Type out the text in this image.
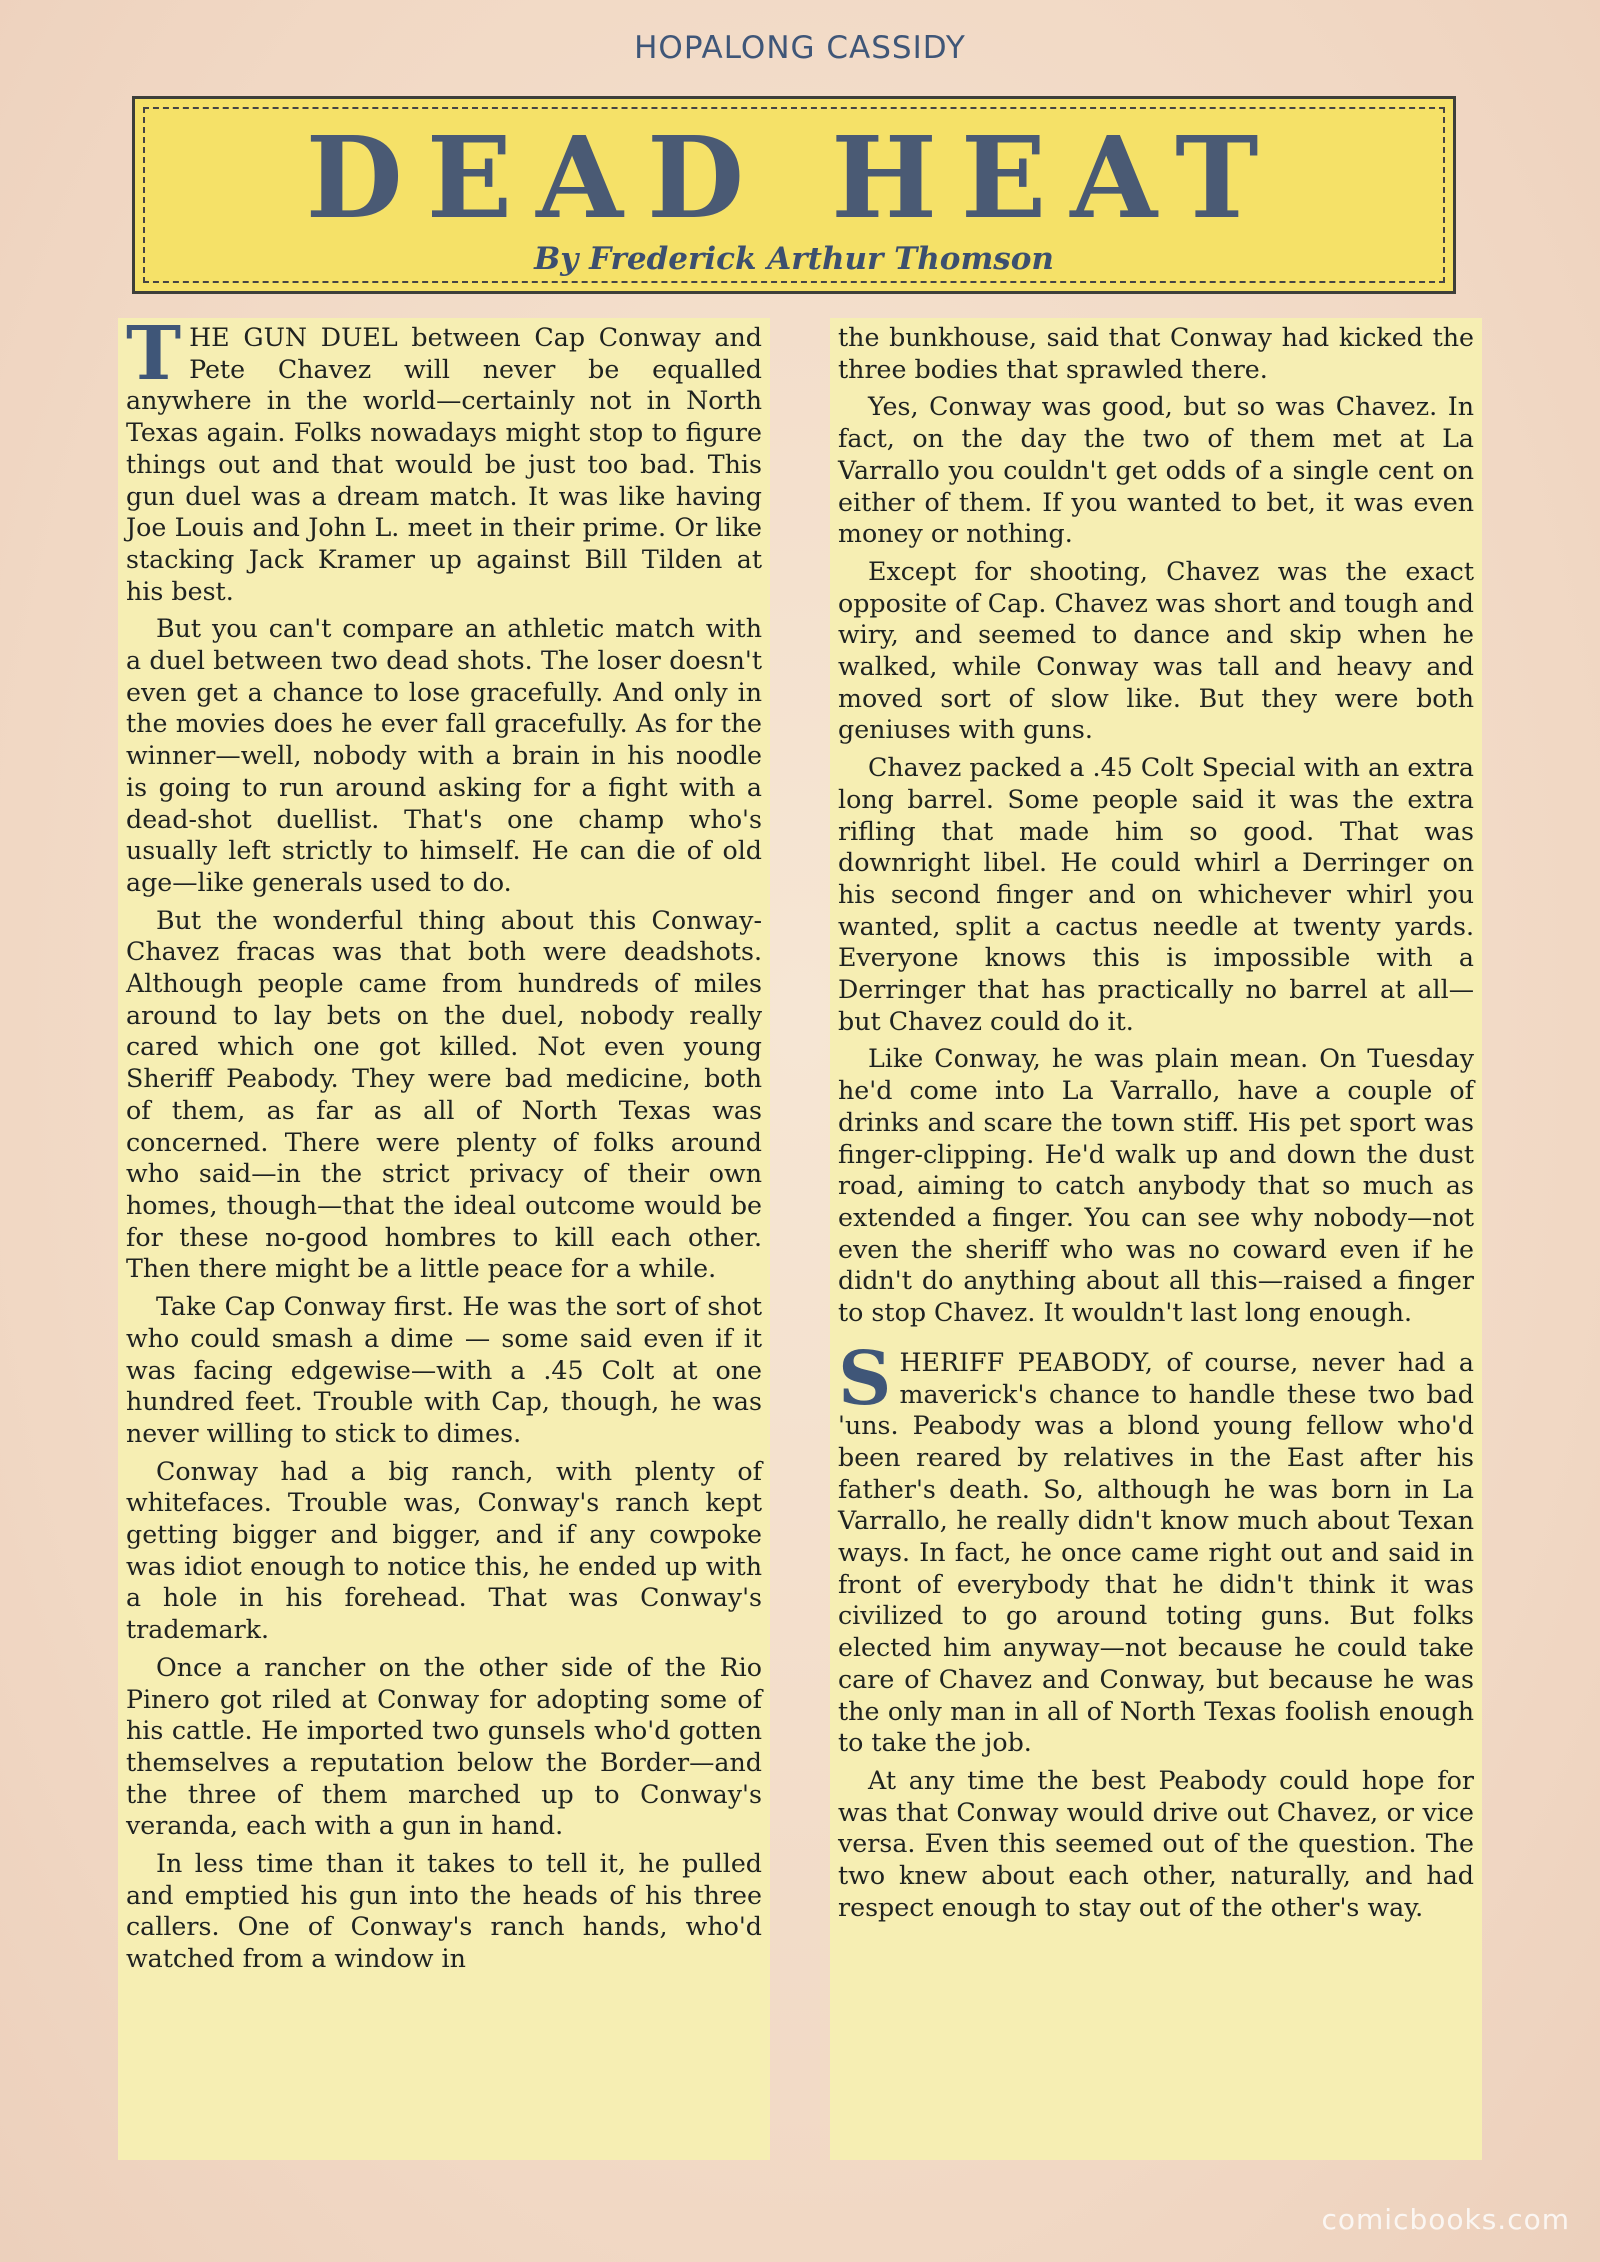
HOPALONG CASSIDY
DEAD HEAT
By Frederick Arthur Thomson

THE GUN DUEL between Cap Conway and Pete Chavez will never be equalled anywhere in the world—certainly not in North Texas again. Folks nowadays might stop to figure things out and that would be just too bad. This gun duel was a dream match. It was like having Joe Louis and John L. meet in their prime. Or like stacking Jack Kramer up against Bill Tilden at his best.

But you can't compare an athletic match with a duel between two dead shots. The loser doesn't even get a chance to lose gracefully. And only in the movies does he ever fall gracefully. As for the winner—well, nobody with a brain in his noodle is going to run around asking for a fight with a dead-shot duellist. That's one champ who's usually left strictly to himself. He can die of old age—like generals used to do.

But the wonderful thing about this Conway-Chavez fracas was that both were deadshots. Although people came from hundreds of miles around to lay bets on the duel, nobody really cared which one got killed. Not even young Sheriff Peabody. They were bad medicine, both of them, as far as all of North Texas was concerned. There were plenty of folks around who said—in the strict privacy of their own homes, though—that the ideal outcome would be for these no-good hombres to kill each other. Then there might be a little peace for a while.

Take Cap Conway first. He was the sort of shot who could smash a dime — some said even if it was facing edgewise—with a .45 Colt at one hundred feet. Trouble with Cap, though, he was never willing to stick to dimes.

Conway had a big ranch, with plenty of whitefaces. Trouble was, Conway's ranch kept getting bigger and bigger, and if any cowpoke was idiot enough to notice this, he ended up with a hole in his forehead. That was Conway's trademark.

Once a rancher on the other side of the Rio Pinero got riled at Conway for adopting some of his cattle. He imported two gunsels who'd gotten themselves a reputation below the Border—and the three of them marched up to Conway's veranda, each with a gun in hand.

In less time than it takes to tell it, he pulled and emptied his gun into the heads of his three callers. One of Conway's ranch hands, who'd watched from a window in

the bunkhouse, said that Conway had kicked the three bodies that sprawled there.

Yes, Conway was good, but so was Chavez. In fact, on the day the two of them met at La Varrallo you couldn't get odds of a single cent on either of them. If you wanted to bet, it was even money or nothing.

Except for shooting, Chavez was the exact opposite of Cap. Chavez was short and tough and wiry, and seemed to dance and skip when he walked, while Conway was tall and heavy and moved sort of slow like. But they were both geniuses with guns.

Chavez packed a .45 Colt Special with an extra long barrel. Some people said it was the extra rifling that made him so good. That was downright libel. He could whirl a Derringer on his second finger and on whichever whirl you wanted, split a cactus needle at twenty yards. Everyone knows this is impossible with a Derringer that has practically no barrel at all—but Chavez could do it.

Like Conway, he was plain mean. On Tuesday he'd come into La Varrallo, have a couple of drinks and scare the town stiff. His pet sport was finger-clipping. He'd walk up and down the dust road, aiming to catch anybody that so much as extended a finger. You can see why nobody—not even the sheriff who was no coward even if he didn't do anything about all this—raised a finger to stop Chavez. It wouldn't last long enough.

SHERIFF PEABODY, of course, never had a maverick's chance to handle these two bad 'uns. Peabody was a blond young fellow who'd been reared by relatives in the East after his father's death. So, although he was born in La Varrallo, he really didn't know much about Texan ways. In fact, he once came right out and said in front of everybody that he didn't think it was civilized to go around toting guns. But folks elected him anyway—not because he could take care of Chavez and Conway, but because he was the only man in all of North Texas foolish enough to take the job.

At any time the best Peabody could hope for was that Conway would drive out Chavez, or vice versa. Even this seemed out of the question. The two knew about each other, naturally, and had respect enough to stay out of the other's way.

comicbooks.com
